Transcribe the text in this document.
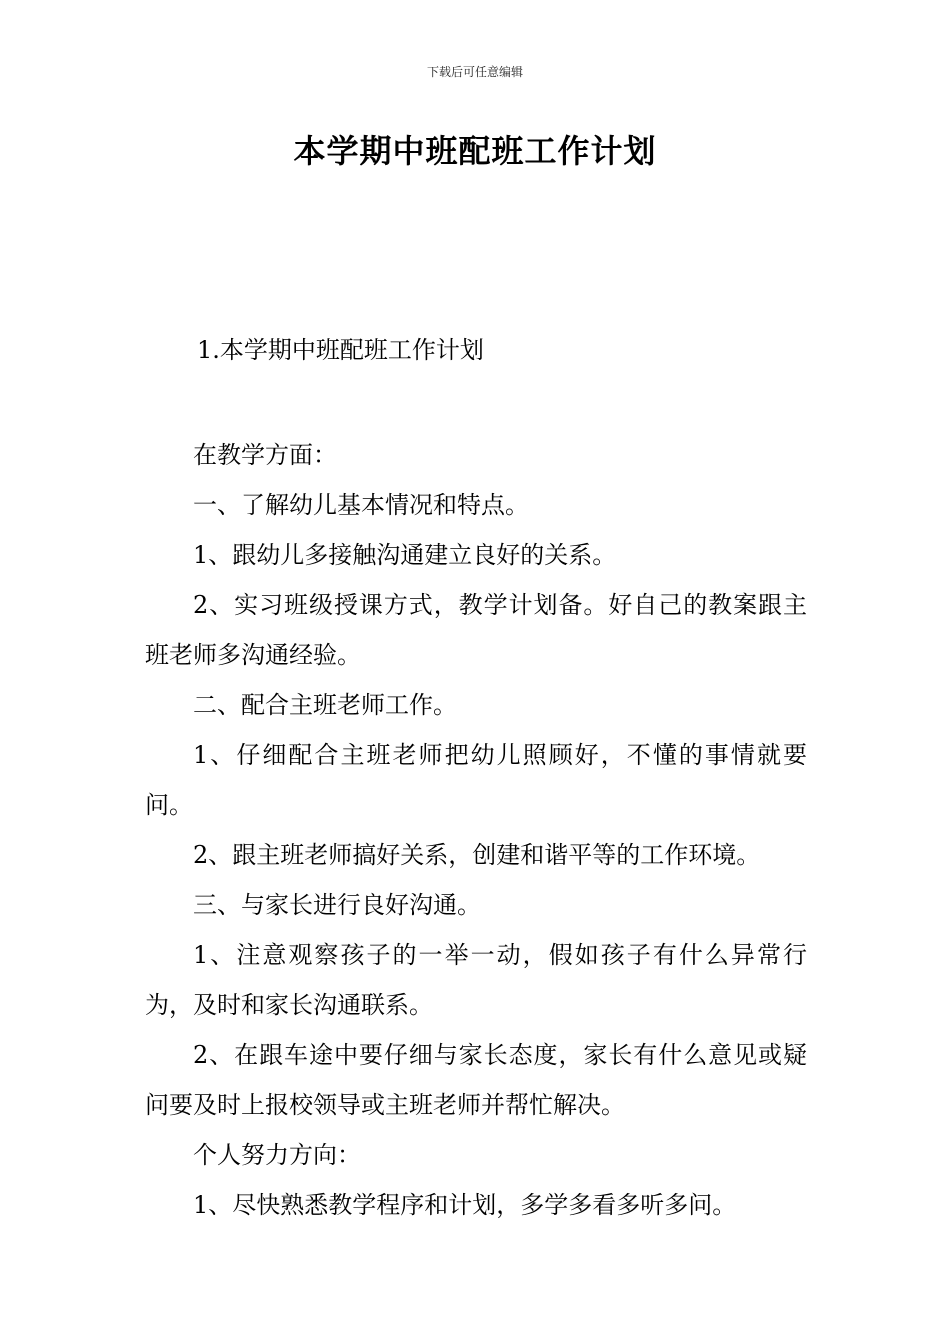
下载后可任意编辑
本学期中班配班工作计划
1.本学期中班配班工作计划

在教学方面：

一、了解幼儿基本情况和特点。

1、跟幼儿多接触沟通建立良好的关系。

2、实习班级授课方式，教学计划备。好自己的教案跟主班老师多沟通经验。

二、配合主班老师工作。

1、仔细配合主班老师把幼儿照顾好，不懂的事情就要问。

2、跟主班老师搞好关系，创建和谐平等的工作环境。

三、与家长进行良好沟通。

1、注意观察孩子的一举一动，假如孩子有什么异常行为，及时和家长沟通联系。

2、在跟车途中要仔细与家长态度，家长有什么意见或疑问要及时上报校领导或主班老师并帮忙解决。

个人努力方向：

1、尽快熟悉教学程序和计划，多学多看多听多问。
